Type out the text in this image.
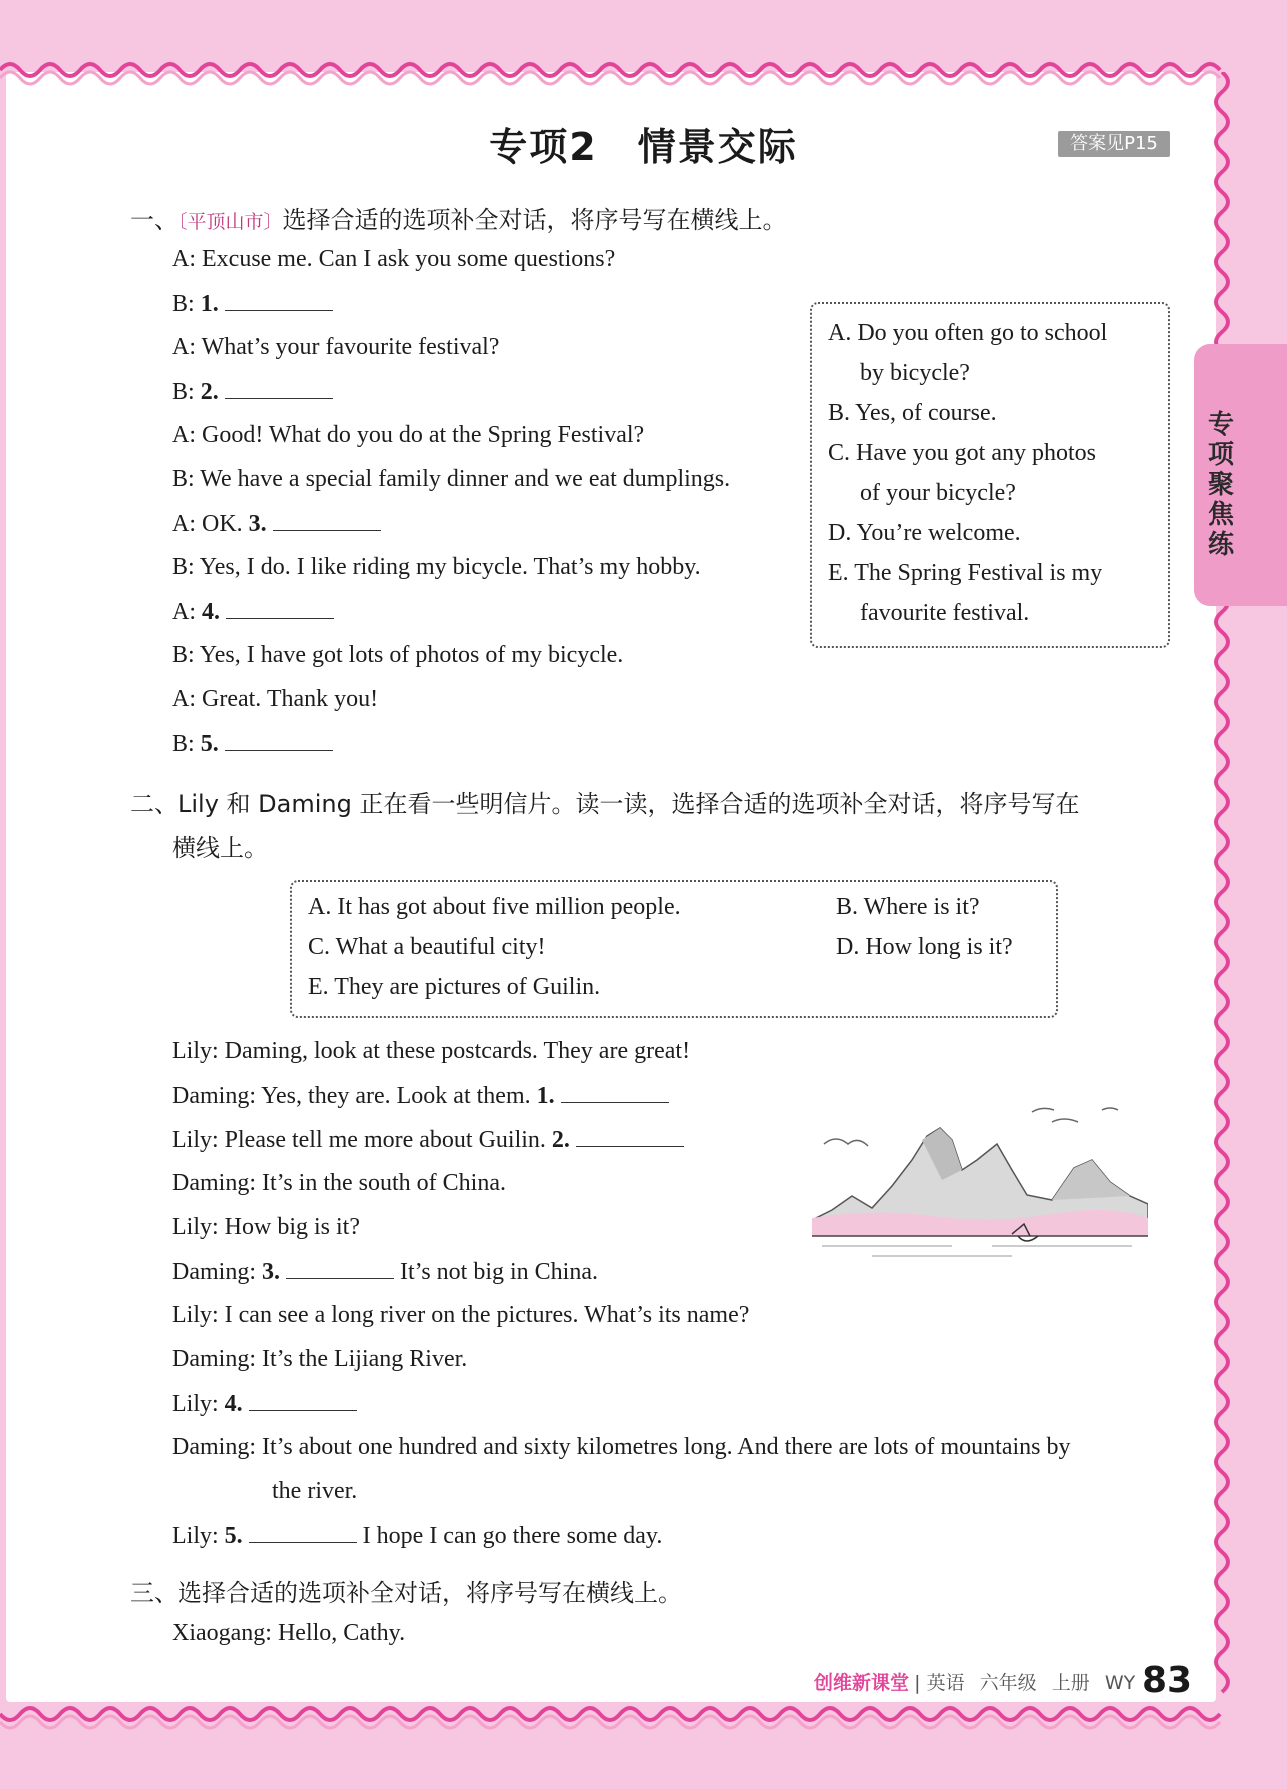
专项聚焦练
专项2　情景交际	答案见P15
一、〔平顶山市〕选择合适的选项补全对话，将序号写在横线上。
A: Excuse me. Can I ask you some questions?
B: 1.
A: What’s your favourite festival?
B: 2.
A: Good! What do you do at the Spring Festival?
B: We have a special family dinner and we eat dumplings.
A: OK. 3.
B: Yes, I do. I like riding my bicycle. That’s my hobby.
A: 4.
B: Yes, I have got lots of photos of my bicycle.
A: Great. Thank you!
B: 5.
A. Do you often go to school
by bicycle?
B. Yes, of course.
C. Have you got any photos
of your bicycle?
D. You’re welcome.
E. The Spring Festival is my
favourite festival.
二、Lily 和 Daming 正在看一些明信片。读一读，选择合适的选项补全对话，将序号写在
横线上。
A. It has got about five million people.	B. Where is it?
C. What a beautiful city!	D. How long is it?
E. They are pictures of Guilin.
Lily: Daming, look at these postcards. They are great!
Daming: Yes, they are. Look at them. 1.
Lily: Please tell me more about Guilin. 2.
Daming: It’s in the south of China.
Lily: How big is it?
Daming: 3.	It’s not big in China.
Lily: I can see a long river on the pictures. What’s its name?
Daming: It’s the Lijiang River.
Lily: 4.
Daming: It’s about one hundred and sixty kilometres long. And there are lots of mountains by
the river.
Lily: 5.	I hope I can go there some day.
三、选择合适的选项补全对话，将序号写在横线上。
Xiaogang: Hello, Cathy.
创维新课堂 | 英语 六年级 上册 WY 83
